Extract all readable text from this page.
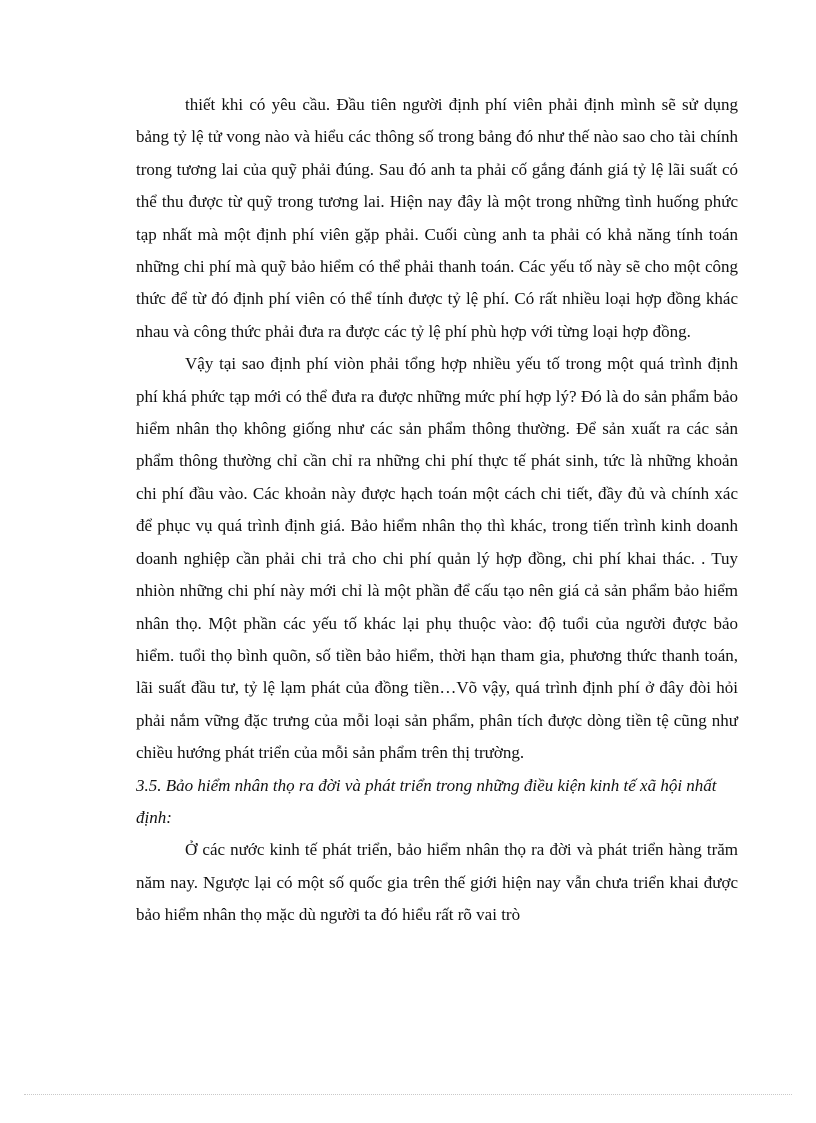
thiết khi có yêu cầu. Đầu tiên người định phí viên phải định mình sẽ sử dụng bảng tỷ lệ tử vong nào và hiểu các thông số trong bảng đó như thế nào sao cho tài chính trong tương lai của quỹ phải đúng. Sau đó anh ta phải cố gắng đánh giá tỷ lệ lãi suất có thể thu được từ quỹ trong tương lai. Hiện nay đây là một trong những tình huống phức tạp nhất mà một định phí viên gặp phải. Cuối cùng anh ta phải có khả năng tính toán những chi phí mà quỹ bảo hiểm có thể phải thanh toán. Các yếu tố này sẽ cho một công thức để từ đó định phí viên có thể tính được tỷ lệ phí. Có rất nhiều loại hợp đồng khác nhau và công thức phải đưa ra được các tỷ lệ phí phù hợp với từng loại hợp đồng.

Vậy tại sao định phí viòn phải tổng hợp nhiều yếu tố trong một quá trình định phí khá phức tạp mới có thể đưa ra được những mức phí hợp lý? Đó là do sản phẩm bảo hiểm nhân thọ không giống như các sản phẩm thông thường. Để sản xuất ra các sản phẩm thông thường chỉ cần chỉ ra những chi phí thực tế phát sinh, tức là những khoản chi phí đầu vào. Các khoản này được hạch toán một cách chi tiết, đầy đủ và chính xác để phục vụ quá trình định giá. Bảo hiểm nhân thọ thì khác, trong tiến trình kinh doanh doanh nghiệp cần phải chi trả cho chi phí quản lý hợp đồng, chi phí khai thác. . Tuy nhiòn những chi phí này mới chỉ là một phần để cấu tạo nên giá cả sản phẩm bảo hiểm nhân thọ. Một phần các yếu tố khác lại phụ thuộc vào: độ tuổi của người được bảo hiểm. tuổi thọ bình quõn, số tiền bảo hiểm, thời hạn tham gia, phương thức thanh toán, lãi suất đầu tư, tỷ lệ lạm phát của đồng tiền…Võ vậy, quá trình định phí ở đây đòi hỏi phải nắm vững đặc trưng của mỗi loại sản phẩm, phân tích được dòng tiền tệ cũng như chiều hướng phát triển của mỗi sản phẩm trên thị trường.

3.5. Bảo hiểm nhân thọ ra đời và phát triển trong những điều kiện kinh tế xã hội nhất định:

Ở các nước kinh tế phát triển, bảo hiểm nhân thọ ra đời và phát triển hàng trăm năm nay. Ngược lại có một số quốc gia trên thế giới hiện nay vẫn chưa triển khai được bảo hiểm nhân thọ mặc dù người ta đó hiểu rất rõ vai trò
